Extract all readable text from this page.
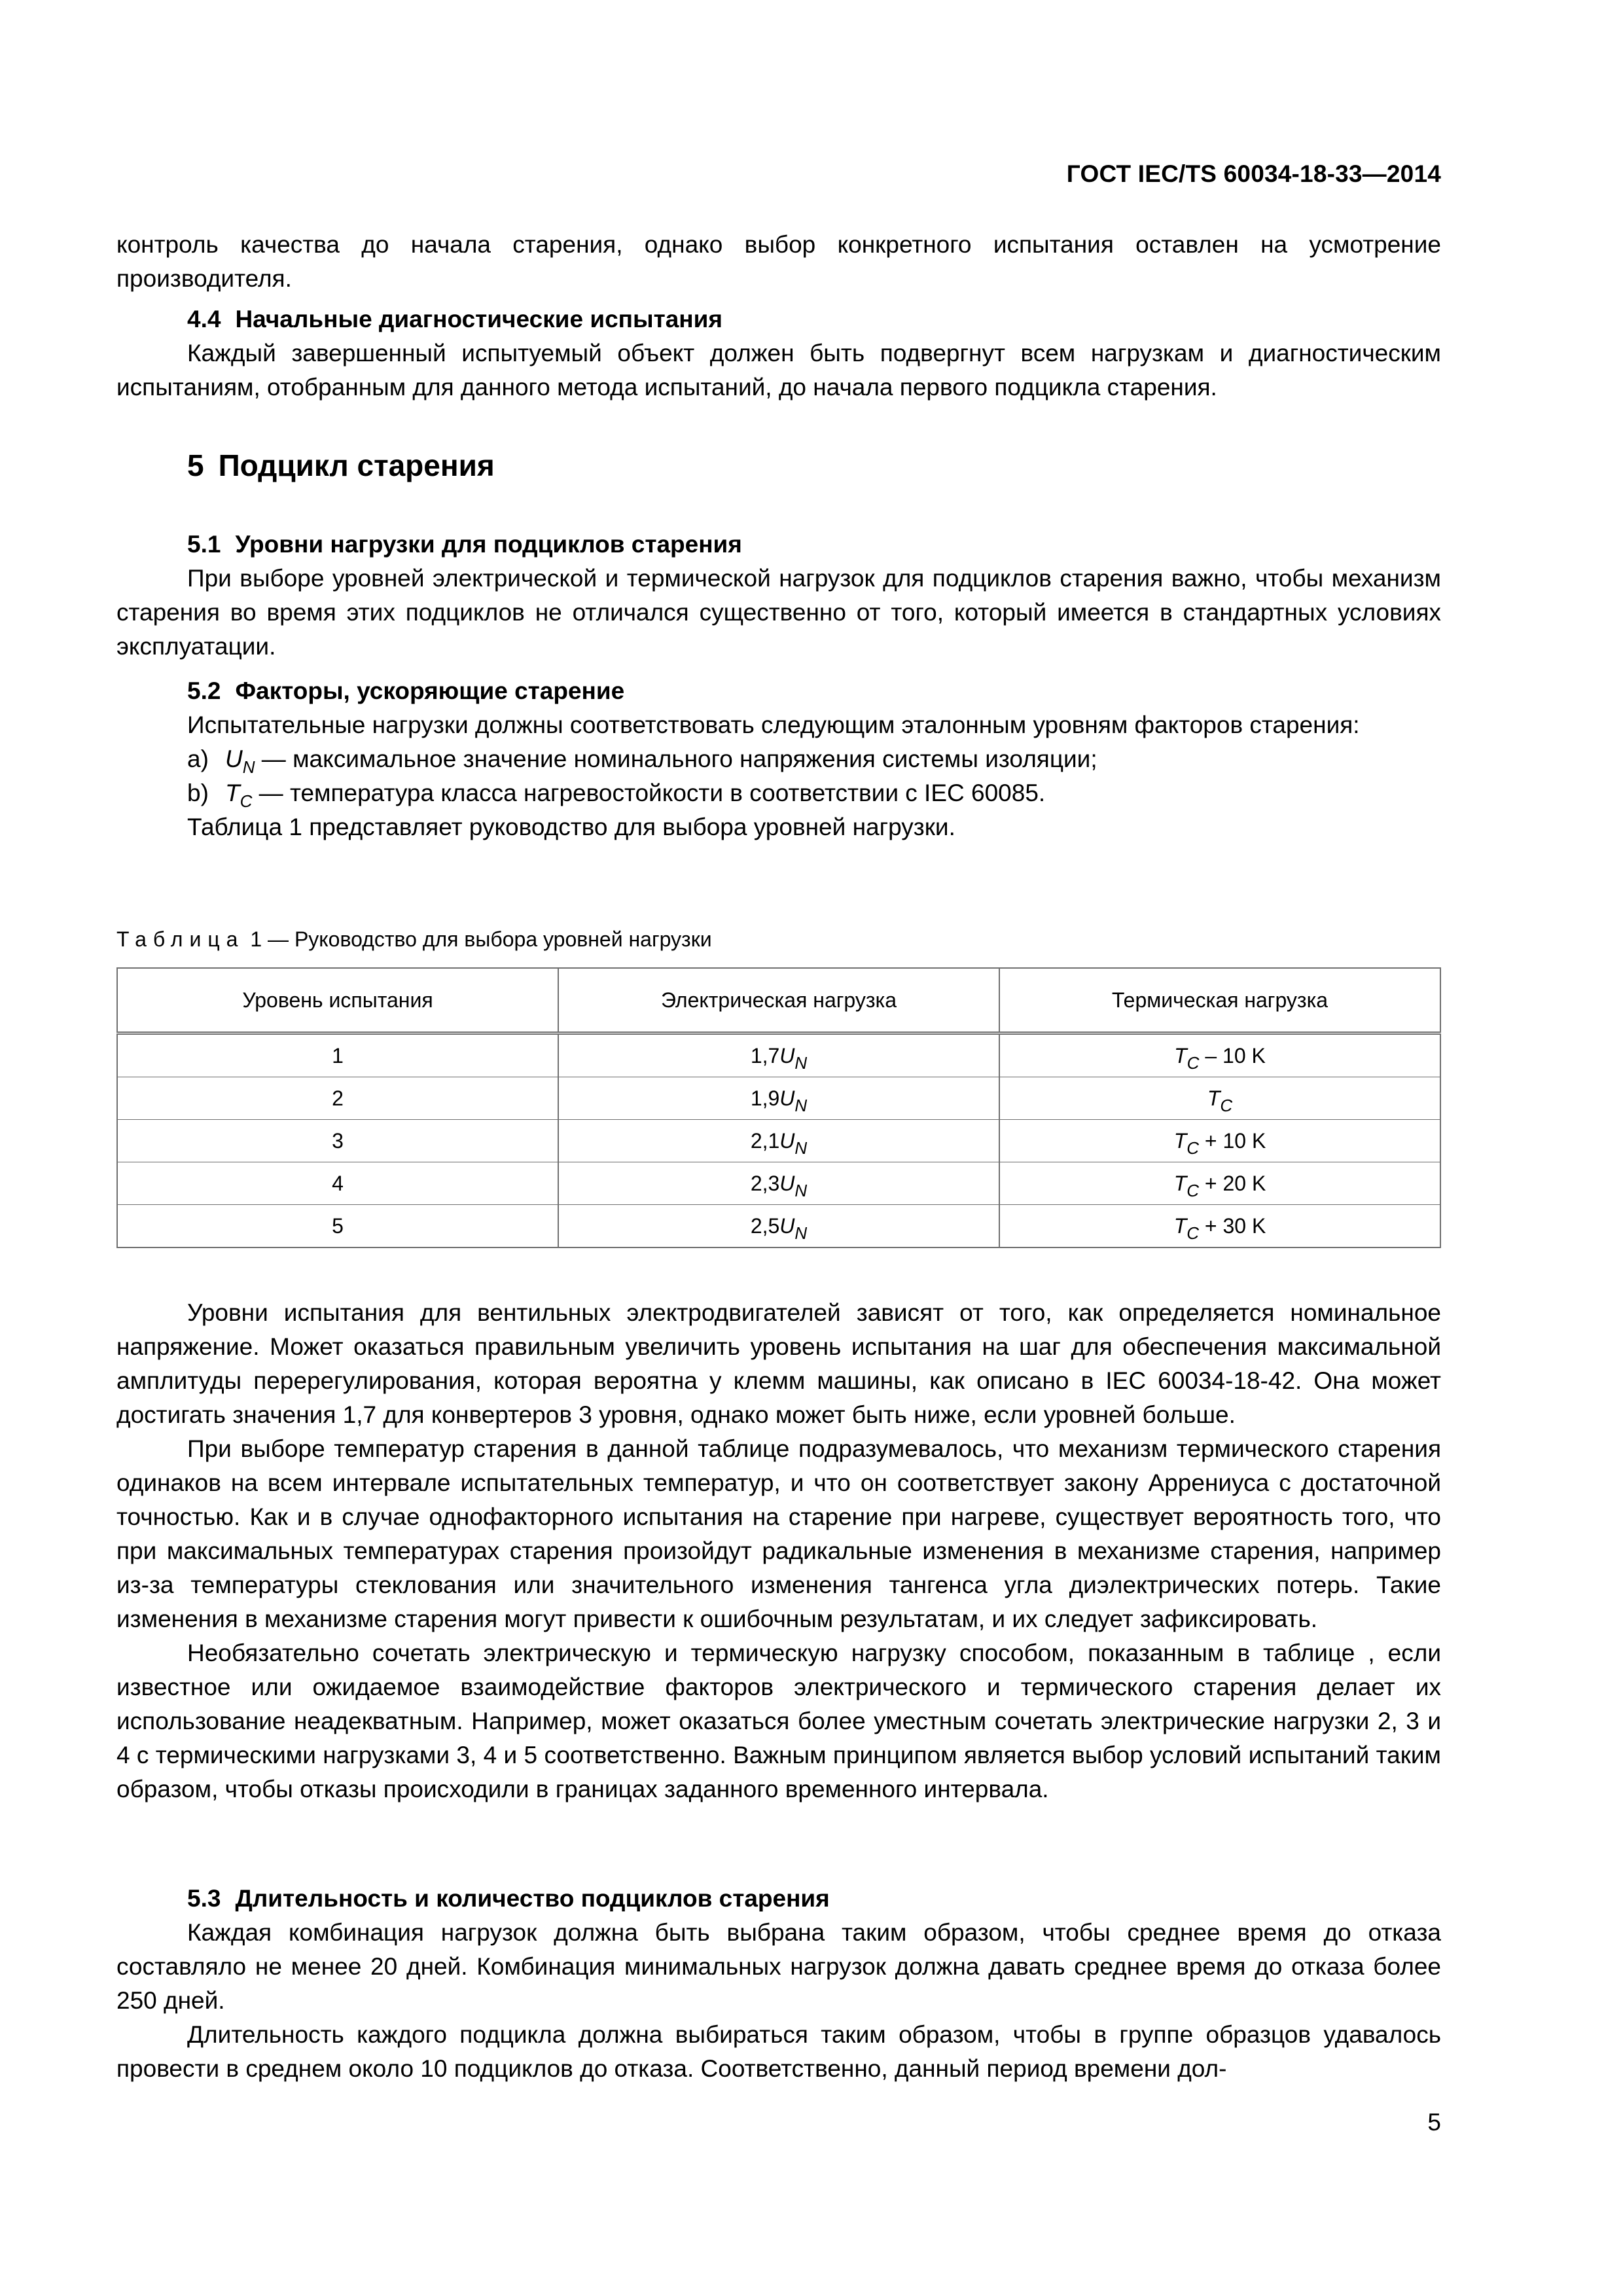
ГОСТ IEC/TS 60034-18-33—2014

контроль качества до начала старения, однако выбор конкретного испытания оставлен на усмотрение производителя.

4.4 Начальные диагностические испытания

Каждый завершенный испытуемый объект должен быть подвергнут всем нагрузкам и диагностическим испытаниям, отобранным для данного метода испытаний, до начала первого подцикла старения.

5 Подцикл старения
5.1 Уровни нагрузки для подциклов старения

При выборе уровней электрической и термической нагрузок для подциклов старения важно, чтобы механизм старения во время этих подциклов не отличался существенно от того, который имеется в стандартных условиях эксплуатации.

5.2 Факторы, ускоряющие старение

Испытательные нагрузки должны соответствовать следующим эталонным уровням факторов старения:

a) $U_N$ — максимальное значение номинального напряжения системы изоляции;
b) $T_C$ — температура класса нагревостойкости в соответствии с IEC 60085.

Таблица 1 представляет руководство для выбора уровней нагрузки.

Таблица 1 — Руководство для выбора уровней нагрузки
Уровень испытания	Электрическая нагрузка	Термическая нагрузка
1	$1,7U_N$	$T_C - 10$ K
2	$1,9U_N$	$T_C$
3	$2,1U_N$	$T_C + 10$ K
4	$2,3U_N$	$T_C + 20$ K
5	$2,5U_N$	$T_C + 30$ K

Уровни испытания для вентильных электродвигателей зависят от того, как определяется номинальное напряжение. Может оказаться правильным увеличить уровень испытания на шаг для обеспечения максимальной амплитуды перерегулирования, которая вероятна у клемм машины, как описано в IEC 60034-18-42. Она может достигать значения 1,7 для конвертеров 3 уровня, однако может быть ниже, если уровней больше.

При выборе температур старения в данной таблице подразумевалось, что механизм термического старения одинаков на всем интервале испытательных температур, и что он соответствует закону Аррениуса с достаточной точностью. Как и в случае однофакторного испытания на старение при нагреве, существует вероятность того, что при максимальных температурах старения произойдут радикальные изменения в механизме старения, например из-за температуры стеклования или значительного изменения тангенса угла диэлектрических потерь. Такие изменения в механизме старения могут привести к ошибочным результатам, и их следует зафиксировать.

Необязательно сочетать электрическую и термическую нагрузку способом, показанным в таблице , если известное или ожидаемое взаимодействие факторов электрического и термического старения делает их использование неадекватным. Например, может оказаться более уместным сочетать электрические нагрузки 2, 3 и 4 с термическими нагрузками 3, 4 и 5 соответственно. Важным принципом является выбор условий испытаний таким образом, чтобы отказы происходили в границах заданного временного интервала.

5.3 Длительность и количество подциклов старения

Каждая комбинация нагрузок должна быть выбрана таким образом, чтобы среднее время до отказа составляло не менее 20 дней. Комбинация минимальных нагрузок должна давать среднее время до отказа более 250 дней.

Длительность каждого подцикла должна выбираться таким образом, чтобы в группе образцов удавалось провести в среднем около 10 подциклов до отказа. Соответственно, данный период времени дол-

5
